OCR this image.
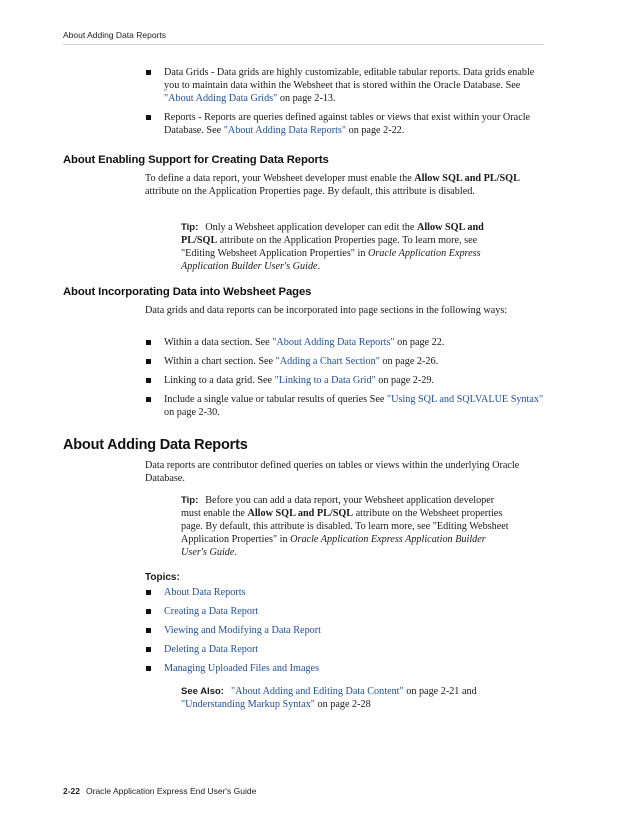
About Adding Data Reports
Data Grids - Data grids are highly customizable, editable tabular reports. Data grids enable you to maintain data within the Websheet that is stored within the Oracle Database. See "About Adding Data Grids" on page 2-13.
Reports - Reports are queries defined against tables or views that exist within your Oracle Database. See "About Adding Data Reports" on page 2-22.
About Enabling Support for Creating Data Reports
To define a data report, your Websheet developer must enable the Allow SQL and PL/SQL attribute on the Application Properties page. By default, this attribute is disabled.
Tip: Only a Websheet application developer can edit the Allow SQL and PL/SQL attribute on the Application Properties page. To learn more, see "Editing Websheet Application Properties" in Oracle Application Express Application Builder User's Guide.
About Incorporating Data into Websheet Pages
Data grids and data reports can be incorporated into page sections in the following ways:
Within a data section. See "About Adding Data Reports" on page 22.
Within a chart section. See "Adding a Chart Section" on page 2-26.
Linking to a data grid. See "Linking to a Data Grid" on page 2-29.
Include a single value or tabular results of queries See "Using SQL and SQLVALUE Syntax" on page 2-30.
About Adding Data Reports
Data reports are contributor defined queries on tables or views within the underlying Oracle Database.
Tip: Before you can add a data report, your Websheet application developer must enable the Allow SQL and PL/SQL attribute on the Websheet properties page. By default, this attribute is disabled. To learn more, see "Editing Websheet Application Properties" in Oracle Application Express Application Builder User's Guide.
Topics:
About Data Reports
Creating a Data Report
Viewing and Modifying a Data Report
Deleting a Data Report
Managing Uploaded Files and Images
See Also: "About Adding and Editing Data Content" on page 2-21 and "Understanding Markup Syntax" on page 2-28
2-22 Oracle Application Express End User's Guide
